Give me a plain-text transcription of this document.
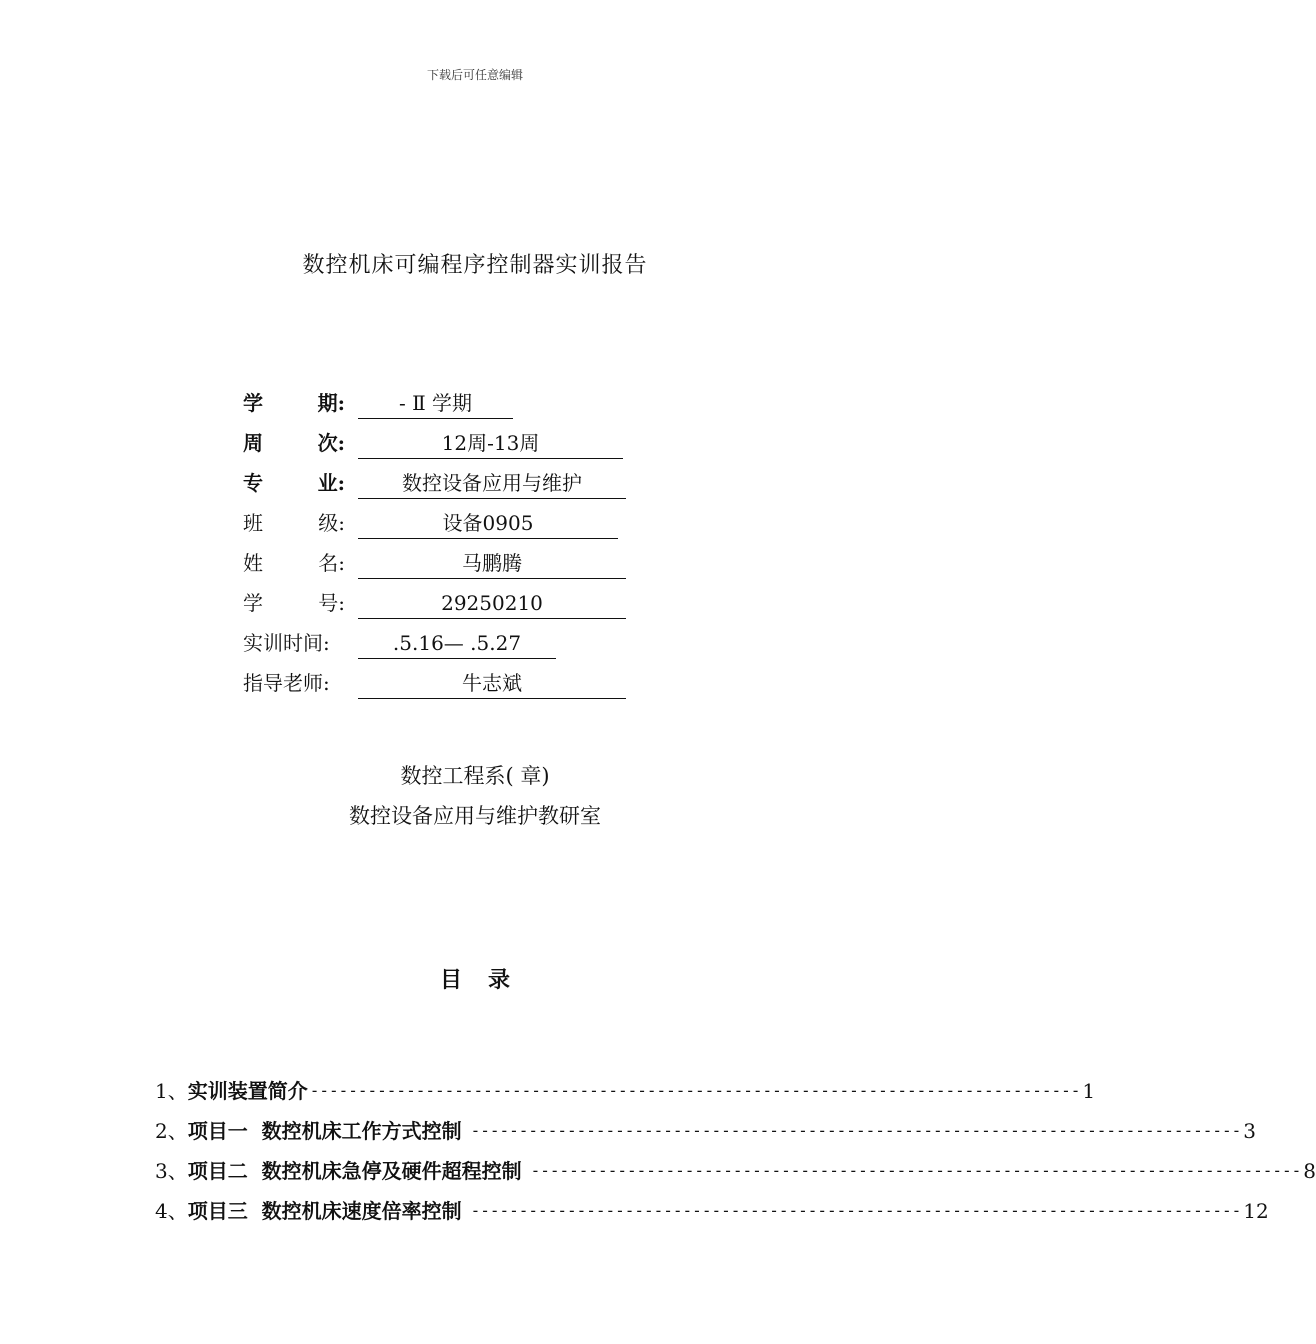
下载后可任意编辑
数控机床可编程序控制器实训报告
学	期:	- Ⅱ 学期
周	次:	12周-13周
专	业:	数控设备应用与维护
班	级:	设备0905
姓	名:	马鹏腾
学	号:	29250210
实训时间:	.5.16— .5.27
指导老师:	牛志斌
数控工程系( 章)
数控设备应用与维护教研室
目录
1、 实训装置简介 -------------------------------------------------------------------------------- 1
2、 项目一  数控机床工作方式控制 -------------------------------------------------------------------------------- 3
3、 项目二  数控机床急停及硬件超程控制 -------------------------------------------------------------------------------- 8
4、 项目三  数控机床速度倍率控制 -------------------------------------------------------------------------------- 12
